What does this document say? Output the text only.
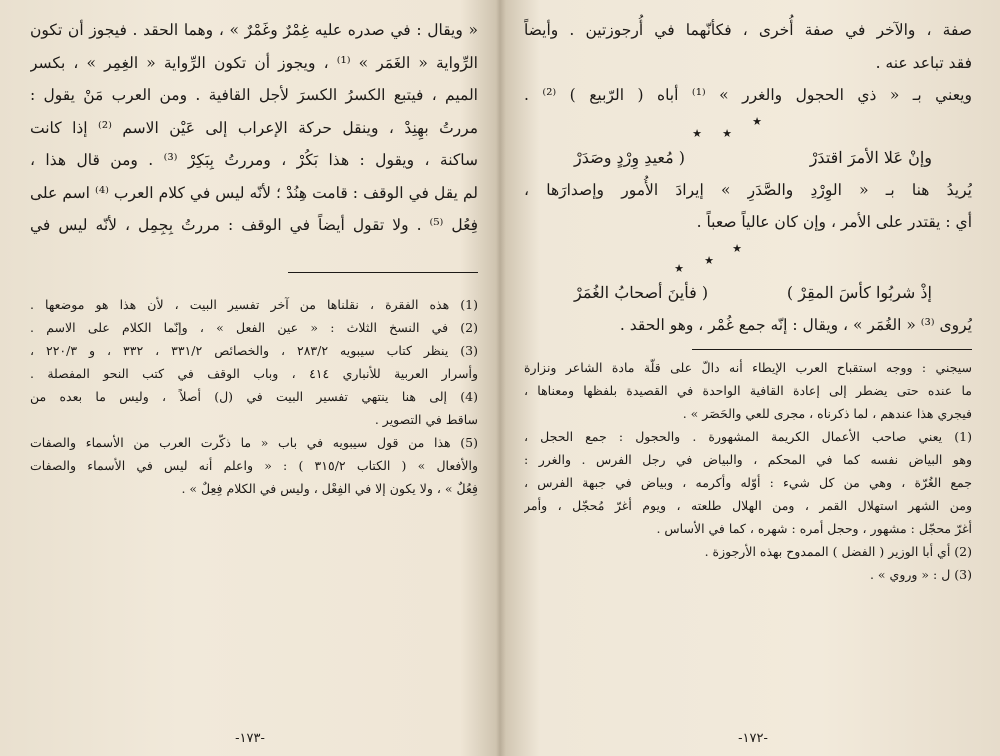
« ويقال : في صدره عليه غِمْرٌ وغَمْرٌ » ، وهما الحقد . فيجوز أن تكون
الرِّواية « الغَمَر » ⁽¹⁾ ، ويجوز أن تكون الرِّواية « الغِمِر » ، بكسر
الميم ، فيتبع الكسرُ الكسرَ لأجل القافية . ومن العرب مَنْ يقول :
مررتُ بهِنِدْ ، وينقل حركة الإعراب إلى عَيْن الاسم ⁽²⁾ إذا كانت
ساكنة ، ويقول : هذا بَكُرْ ، ومررتُ بِبَكِرْ ⁽³⁾ . ومن قال هذا ،
لم يقل في الوقف : قامت هِنُدْ ؛ لأنّه ليس في كلام العرب ⁽⁴⁾ اسم على
فِعُل ⁽⁵⁾ . ولا تقول أيضاً في الوقف : مررتُ بِجِمِل ، لأنّه ليس في
(1) هذه الفقرة ، نقلناها من آخر تفسير البيت ، لأن هذا هو موضعها .
(2) في النسخ الثلاث : « عين الفعل » ، وإنّما الكلام على الاسم .
(3) ينظر كتاب سيبويه ٢٨٣/٢ ، والخصائص ٣٣١/٢ ، ٣٣٢ ، و ٢٢٠/٣ ،
وأسرار العربية للأنباري ٤١٤ ، وباب الوقف في كتب النحو المفصلة .
(4) إلى هنا ينتهي تفسير البيت في (ل) أصلاً ، وليس ما بعده من
ساقط في التصوير .
(5) هذا من قول سيبويه في باب « ما ذكّرت العرب من الأسماء والصفات
والأفعال » ( الكتاب ٣١٥/٢ ) : « واعلم أنه ليس في الأسماء والصفات
فِعُلٌ » ، ولا يكون إلا في الفِعْل ، وليس في الكلام فِعِلٌ » .
-١٧٣-
صفة ، والآخر في صفة أُخرى ، فكأنّهما في أُرجوزتين . وأيضاً
فقد تباعد عنه .
ويعني بـ « ذي الحجول والغرر » ⁽¹⁾ أباه ( الرّبيع ) ⁽²⁾ .
★
★
★
وإنْ عَلا الأمرَ اقتدَرْ
( مُعيدِ وِرْدٍ وصَدَرْ
يُريدُ هنا بـ « الوِرْدِ والصَّدَرِ » إيرادَ الأُمور وإصدارَها ،
أي : يقتدر على الأمر ، وإن كان عالياً صعباً .
★
★
★
إذْ شربُوا كأسَ المقِرْ )
( فأينَ أصحابُ الغُمَرْ
يُروى ⁽³⁾ « الغُمَر » ، ويقال : إنّه جمع غُمْر ، وهو الحقد .
سيجني : ووجه استقباح العرب الإيطاء أنه دالّ على قلّة مادة الشاعر ونزارة
ما عنده حتى يضطر إلى إعادة القافية الواحدة في القصيدة بلفظها ومعناها ،
فيجري هذا عندهم ، لما ذكرناه ، مجرى للعي والحَصَر » .
(1) يعني صاحب الأعمال الكريمة المشهورة . والحجول : جمع الحجل ،
وهو البياض نفسه كما في المحكم ، والبياض في رجل الفرس . والغرر :
جمع الغُرّة ، وهي من كل شيء : أوّله وأكرمه ، وبياض في جبهة الفرس ،
ومن الشهر استهلال القمر ، ومن الهلال طلعته ، ويوم أغرّ مُحجّل ، وأمر
أغرّ محجّل : مشهور ، وحجل أمره : شهره ، كما في الأساس .
(2) أي أبا الوزير ( الفضل ) الممدوح بهذه الأرجوزة .
(3) ل : « وروي » .
-١٧٢-
